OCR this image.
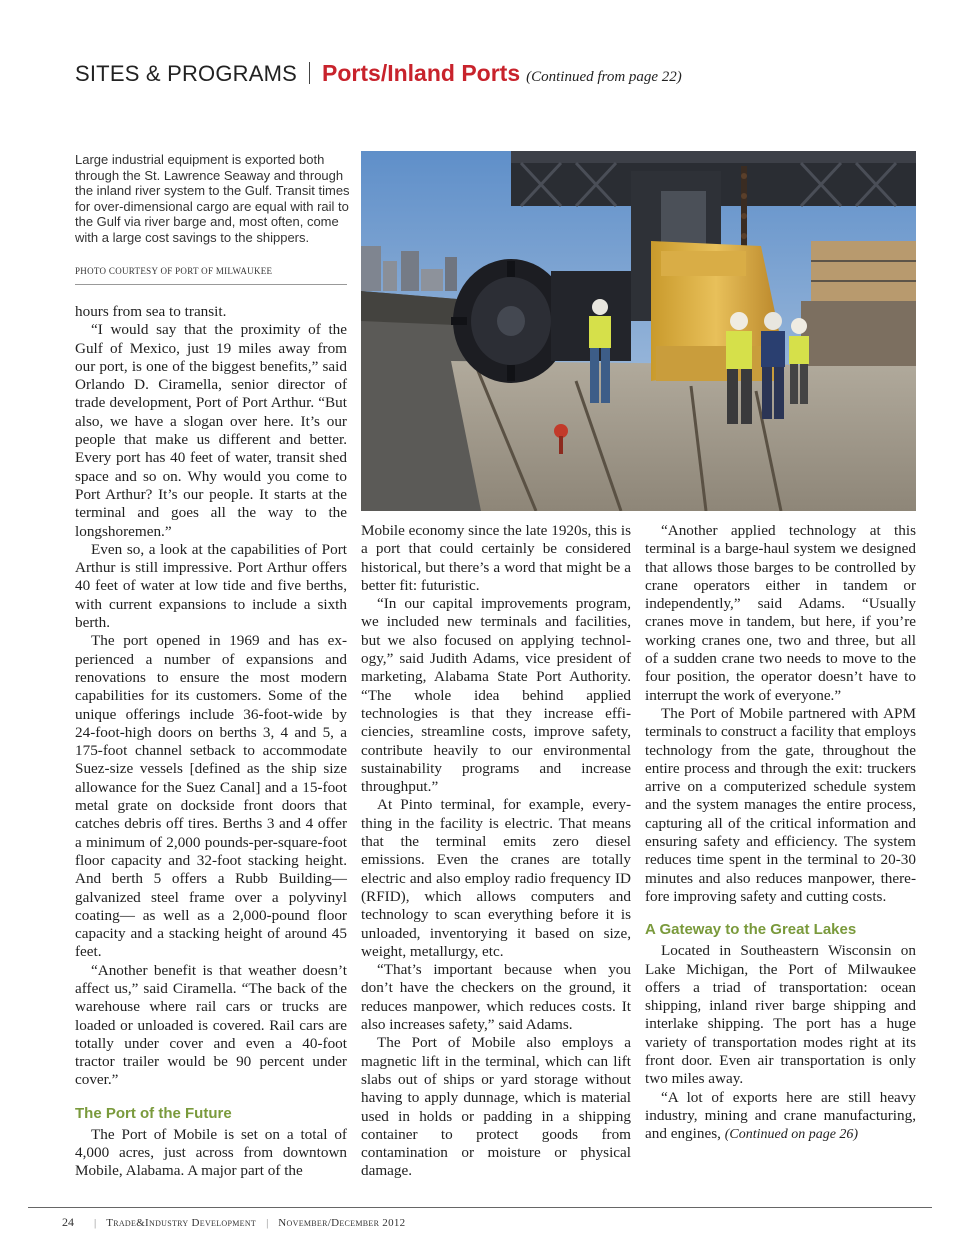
SITES & PROGRAMS Ports/Inland Ports (Continued from page 22)
Large industrial equipment is exported both through the St. Lawrence Seaway and through the inland river system to the Gulf. Transit times for over-dimensional cargo are equal with rail to the Gulf via river barge and, most often, come with a large cost savings to the shippers.
PHOTO COURTESY OF PORT OF MILWAUKEE

hours from sea to transit.

“I would say that the proximity of the Gulf of Mexico, just 19 miles away from our port, is one of the biggest benefits,” said Orlando D. Ciramella, senior director of trade development, Port of Port Arthur. “But also, we have a slogan over here. It’s our people that make us different and better. Every port has 40 feet of water, transit shed space and so on. Why would you come to Port Arthur? It’s our people. It starts at the terminal and goes all the way to the longshoremen.”

Even so, a look at the capabilities of Port Arthur is still impressive. Port Arthur offers 40 feet of water at low tide and five berths, with current expansions to include a sixth berth.

The port opened in 1969 and has experienced a number of expansions and renovations to ensure the most modern capabilities for its customers. Some of the unique offerings include 36-foot-wide by 24-foot-high doors on berths 3, 4 and 5, a 175-foot channel setback to accommodate Suez-size vessels [defined as the ship size allowance for the Suez Canal] and a 15-foot metal grate on dockside front doors that catches debris off tires. Berths 3 and 4 offer a minimum of 2,000 pounds-per-square-foot floor capacity and 32-foot stacking height. And berth 5 offers a Rubb Building—galvanized steel frame over a polyvinyl coating— as well as a 2,000-pound floor capacity and a stacking height of around 45 feet.

“Another benefit is that weather doesn’t affect us,” said Ciramella. “The back of the warehouse where rail cars or trucks are loaded or unloaded is covered. Rail cars are totally under cover and even a 40-foot tractor trailer would be 90 percent under cover.”

The Port of the Future

The Port of Mobile is set on a total of 4,000 acres, just across from downtown Mobile, Alabama. A major part of the

Mobile economy since the late 1920s, this is a port that could certainly be considered historical, but there’s a word that might be a better fit: futuristic.

“In our capital improvements program, we included new terminals and facilities, but we also focused on applying technology,” said Judith Adams, vice president of marketing, Alabama State Port Authority. “The whole idea behind applied technologies is that they increase efficiencies, streamline costs, improve safety, contribute heavily to our environmental sustainability programs and increase throughput.”

At Pinto terminal, for example, everything in the facility is electric. That means that the terminal emits zero diesel emissions. Even the cranes are totally electric and also employ radio frequency ID (RFID), which allows computers and technology to scan everything before it is unloaded, inventorying it based on size, weight, metallurgy, etc.

“That’s important because when you don’t have the checkers on the ground, it reduces manpower, which reduces costs. It also increases safety,” said Adams.

The Port of Mobile also employs a magnetic lift in the terminal, which can lift slabs out of ships or yard storage without having to apply dunnage, which is material used in holds or padding in a shipping container to protect goods from contamination or moisture or physical damage.

“Another applied technology at this terminal is a barge-haul system we designed that allows those barges to be controlled by crane operators either in tandem or independently,” said Adams. “Usually cranes move in tandem, but here, if you’re working cranes one, two and three, but all of a sudden crane two needs to move to the four position, the operator doesn’t have to interrupt the work of everyone.”

The Port of Mobile partnered with APM terminals to construct a facility that employs technology from the gate, throughout the entire process and through the exit: truckers arrive on a computerized schedule system and the system manages the entire process, capturing all of the critical information and ensuring safety and efficiency. The system reduces time spent in the terminal to 20-30 minutes and also reduces manpower, therefore improving safety and cutting costs.

A Gateway to the Great Lakes

Located in Southeastern Wisconsin on Lake Michigan, the Port of Milwaukee offers a triad of transportation: ocean shipping, inland river barge shipping and interlake shipping. The port has a huge variety of transportation modes right at its front door. Even air transportation is only two miles away.

“A lot of exports here are still heavy industry, mining and crane manufacturing, and engines, (Continued on page 26)

24 | Trade&Industry Development | November/December 2012
